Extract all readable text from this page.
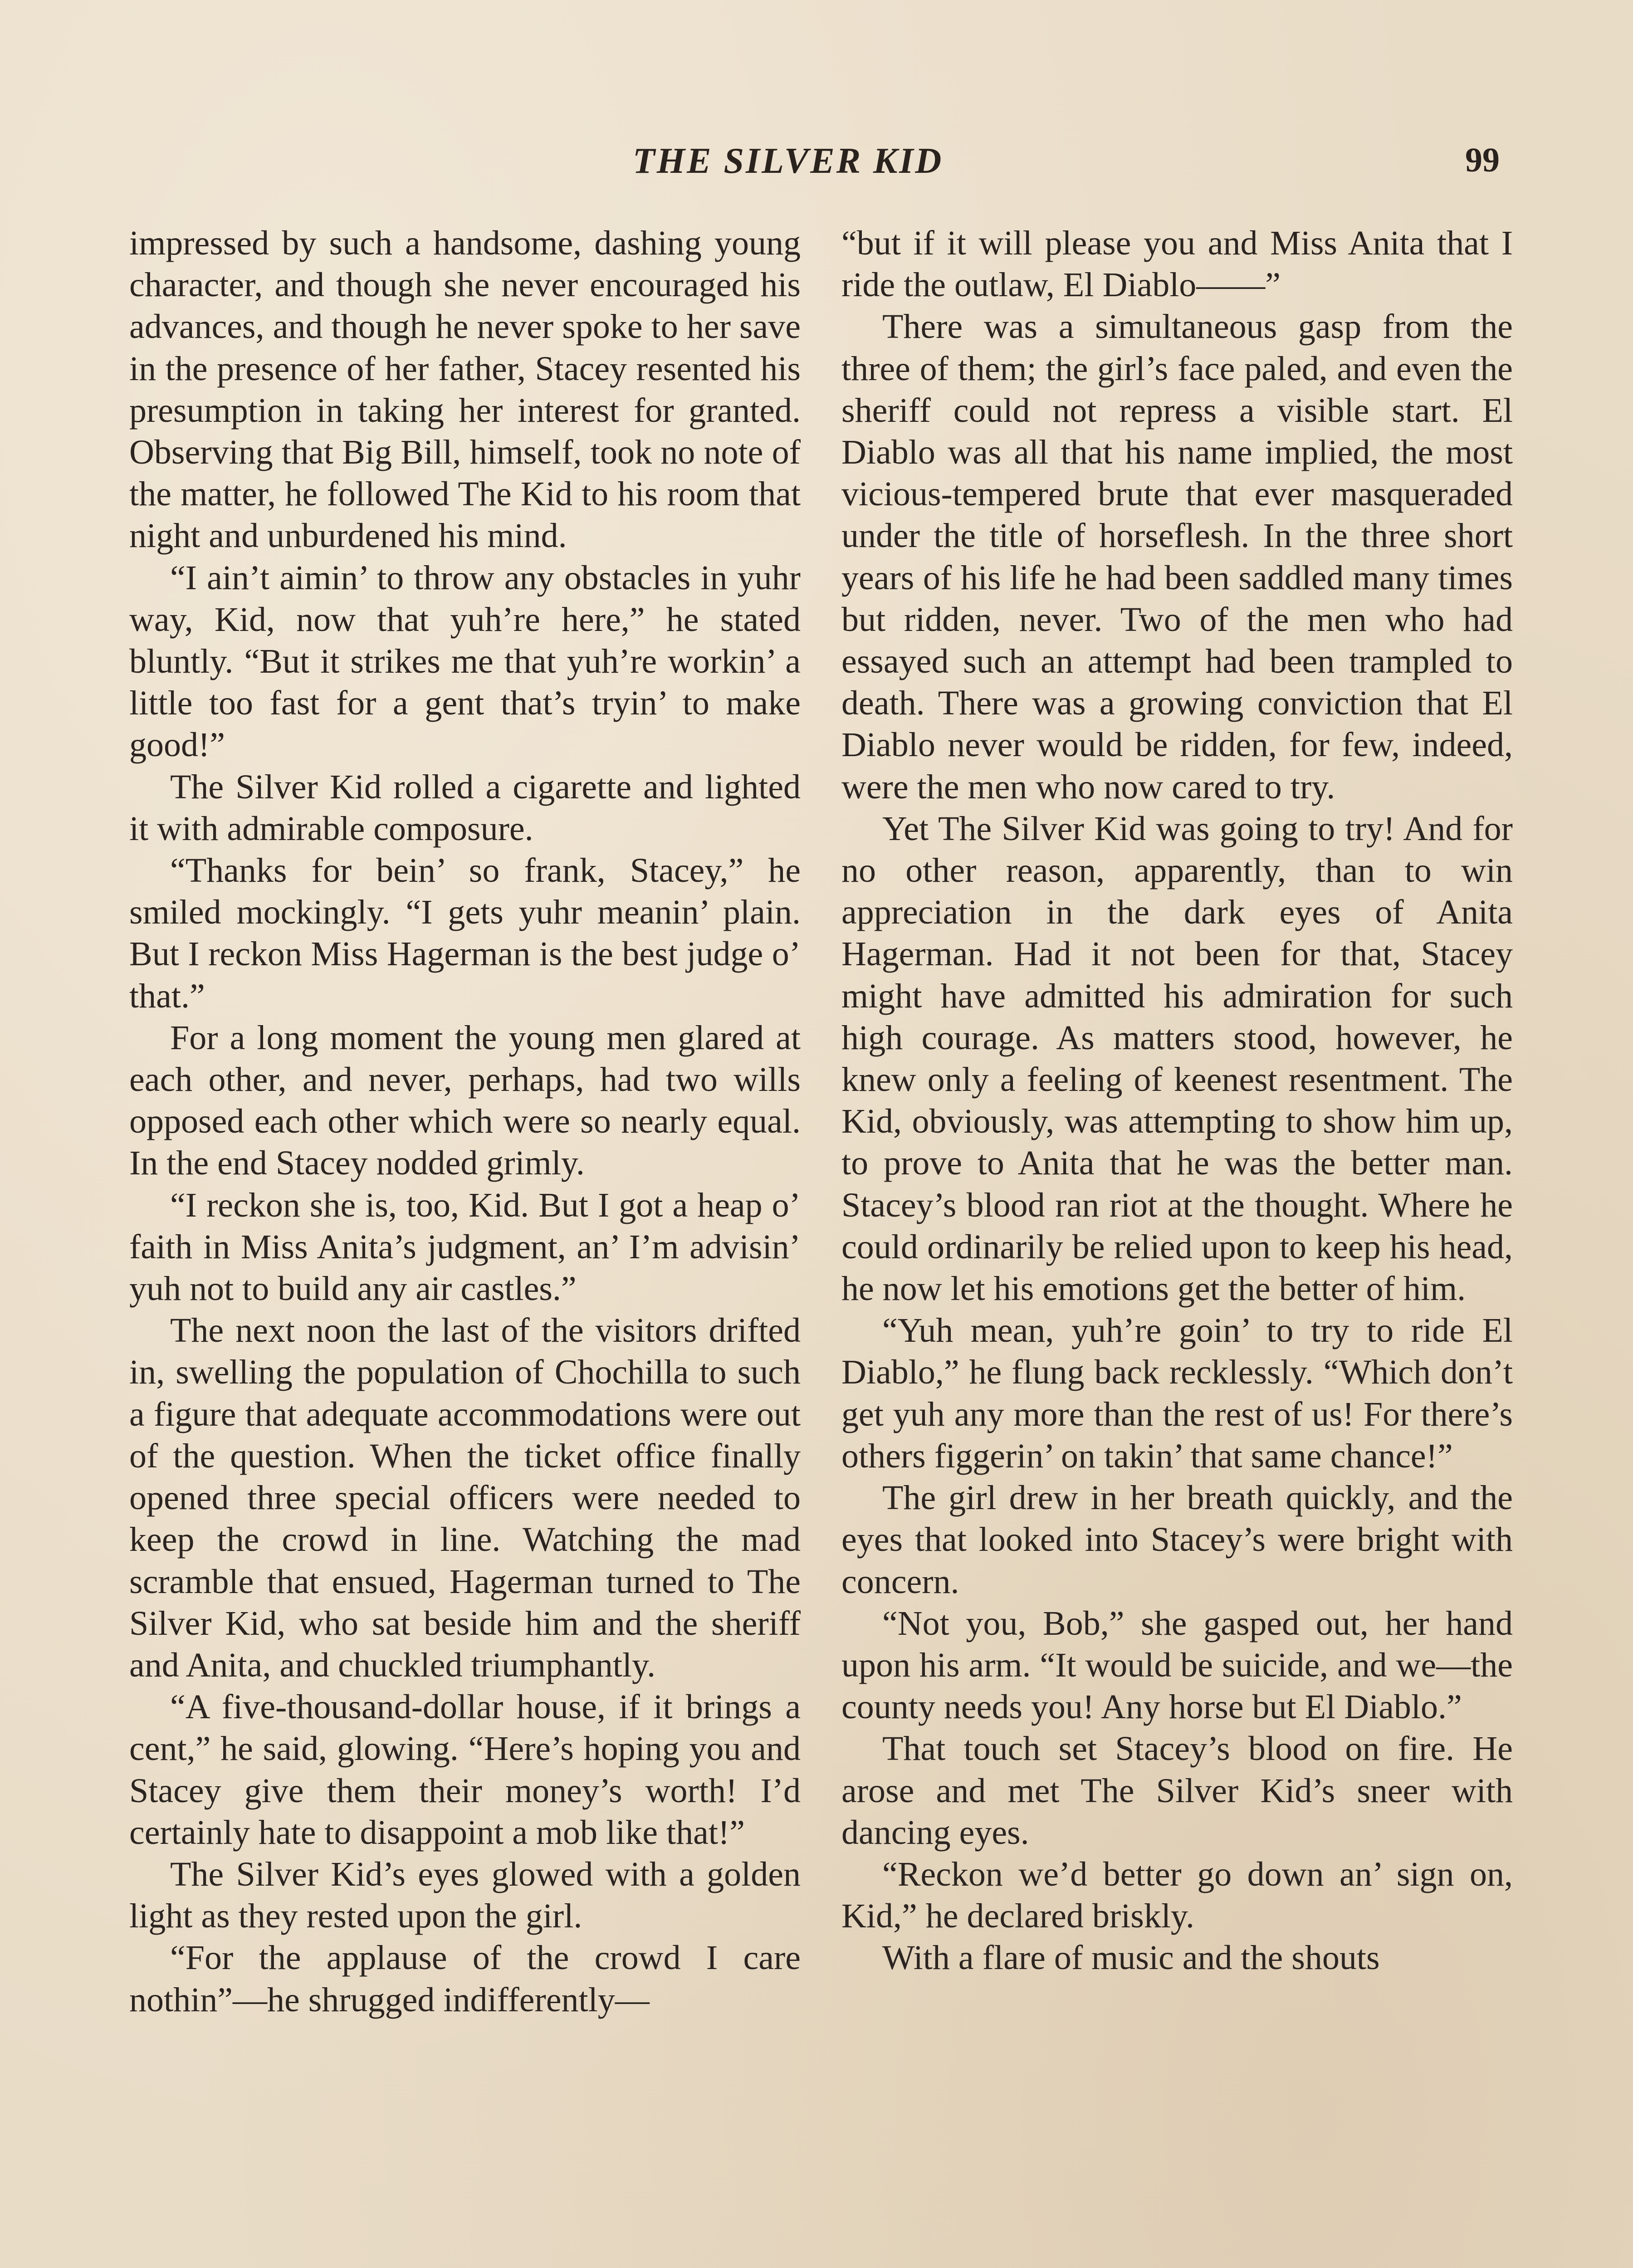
THE SILVER KID	99

impressed by such a handsome, dashing young character, and though she never encouraged his advances, and though he never spoke to her save in the presence of her father, Stacey resented his presumption in taking her interest for granted. Observing that Big Bill, himself, took no note of the matter, he followed The Kid to his room that night and unburdened his mind.

“I ain’t aimin’ to throw any obstacles in yuhr way, Kid, now that yuh’re here,” he stated bluntly. “But it strikes me that yuh’re workin’ a little too fast for a gent that’s tryin’ to make good!”

The Silver Kid rolled a cigarette and lighted it with admirable composure.

“Thanks for bein’ so frank, Stacey,” he smiled mockingly. “I gets yuhr meanin’ plain. But I reckon Miss Hagerman is the best judge o’ that.”

For a long moment the young men glared at each other, and never, perhaps, had two wills opposed each other which were so nearly equal. In the end Stacey nodded grimly.

“I reckon she is, too, Kid. But I got a heap o’ faith in Miss Anita’s judgment, an’ I’m advisin’ yuh not to build any air castles.”

The next noon the last of the visitors drifted in, swelling the population of Chochilla to such a figure that adequate accommodations were out of the question. When the ticket office finally opened three special officers were needed to keep the crowd in line. Watching the mad scramble that ensued, Hagerman turned to The Silver Kid, who sat beside him and the sheriff and Anita, and chuckled triumphantly.

“A five-thousand-dollar house, if it brings a cent,” he said, glowing. “Here’s hoping you and Stacey give them their money’s worth! I’d certainly hate to disappoint a mob like that!”

The Silver Kid’s eyes glowed with a golden light as they rested upon the girl.

“For the applause of the crowd I care nothin”—he shrugged indifferently—

“but if it will please you and Miss Anita that I ride the outlaw, El Diablo——”

There was a simultaneous gasp from the three of them; the girl’s face paled, and even the sheriff could not repress a visible start. El Diablo was all that his name implied, the most vicious-tempered brute that ever masqueraded under the title of horseflesh. In the three short years of his life he had been saddled many times but ridden, never. Two of the men who had essayed such an attempt had been trampled to death. There was a growing conviction that El Diablo never would be ridden, for few, indeed, were the men who now cared to try.

Yet The Silver Kid was going to try! And for no other reason, apparently, than to win appreciation in the dark eyes of Anita Hagerman. Had it not been for that, Stacey might have admitted his admiration for such high courage. As matters stood, however, he knew only a feeling of keenest resentment. The Kid, obviously, was attempting to show him up, to prove to Anita that he was the better man. Stacey’s blood ran riot at the thought. Where he could ordinarily be relied upon to keep his head, he now let his emotions get the better of him.

“Yuh mean, yuh’re goin’ to try to ride El Diablo,” he flung back recklessly. “Which don’t get yuh any more than the rest of us! For there’s others figgerin’ on takin’ that same chance!”

The girl drew in her breath quickly, and the eyes that looked into Stacey’s were bright with concern.

“Not you, Bob,” she gasped out, her hand upon his arm. “It would be suicide, and we—the county needs you! Any horse but El Diablo.”

That touch set Stacey’s blood on fire. He arose and met The Silver Kid’s sneer with dancing eyes.

“Reckon we’d better go down an’ sign on, Kid,” he declared briskly.

With a flare of music and the shouts
